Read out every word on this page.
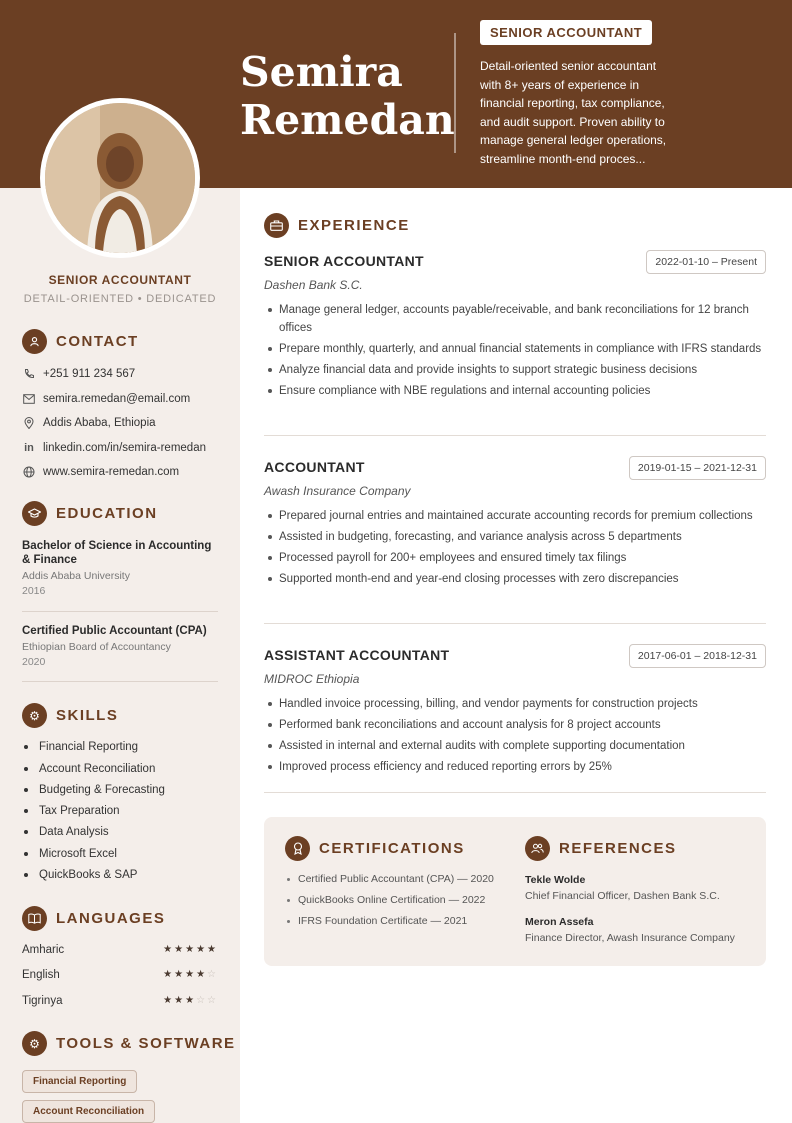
Semira
Remedan
SENIOR ACCOUNTANT
Detail-oriented senior accountant with 8+ years of experience in financial reporting, tax compliance, and audit support. Proven ability to manage general ledger operations, streamline month-end proces...
SENIOR ACCOUNTANT
DETAIL-ORIENTED • DEDICATED
CONTACT
+251 911 234 567
semira.remedan@email.com
Addis Ababa, Ethiopia
in linkedin.com/in/semira-remedan
www.semira-remedan.com
EDUCATION
Bachelor of Science in Accounting & Finance
Addis Ababa University
2016
Certified Public Accountant (CPA)
Ethiopian Board of Accountancy
2020
⚙	SKILLS
Financial Reporting
Account Reconciliation
Budgeting & Forecasting
Tax Preparation
Data Analysis
Microsoft Excel
QuickBooks & SAP
LANGUAGES
Amharic	★★★★★
English	★★★★☆
Tigrinya	★★★☆☆
⚙	TOOLS & SOFTWARE
Financial Reporting
Account Reconciliation
EXPERIENCE
SENIOR ACCOUNTANT	2022-01-10 – Present
Dashen Bank S.C.
Manage general ledger, accounts payable/receivable, and bank reconciliations for 12 branch offices
Prepare monthly, quarterly, and annual financial statements in compliance with IFRS standards
Analyze financial data and provide insights to support strategic business decisions
Ensure compliance with NBE regulations and internal accounting policies
ACCOUNTANT	2019-01-15 – 2021-12-31
Awash Insurance Company
Prepared journal entries and maintained accurate accounting records for premium collections
Assisted in budgeting, forecasting, and variance analysis across 5 departments
Processed payroll for 200+ employees and ensured timely tax filings
Supported month-end and year-end closing processes with zero discrepancies
ASSISTANT ACCOUNTANT	2017-06-01 – 2018-12-31
MIDROC Ethiopia
Handled invoice processing, billing, and vendor payments for construction projects
Performed bank reconciliations and account analysis for 8 project accounts
Assisted in internal and external audits with complete supporting documentation
Improved process efficiency and reduced reporting errors by 25%
CERTIFICATIONS
Certified Public Accountant (CPA) — 2020
QuickBooks Online Certification — 2022
IFRS Foundation Certificate — 2021
REFERENCES
Tekle Wolde
Chief Financial Officer, Dashen Bank S.C.
Meron Assefa
Finance Director, Awash Insurance Company
